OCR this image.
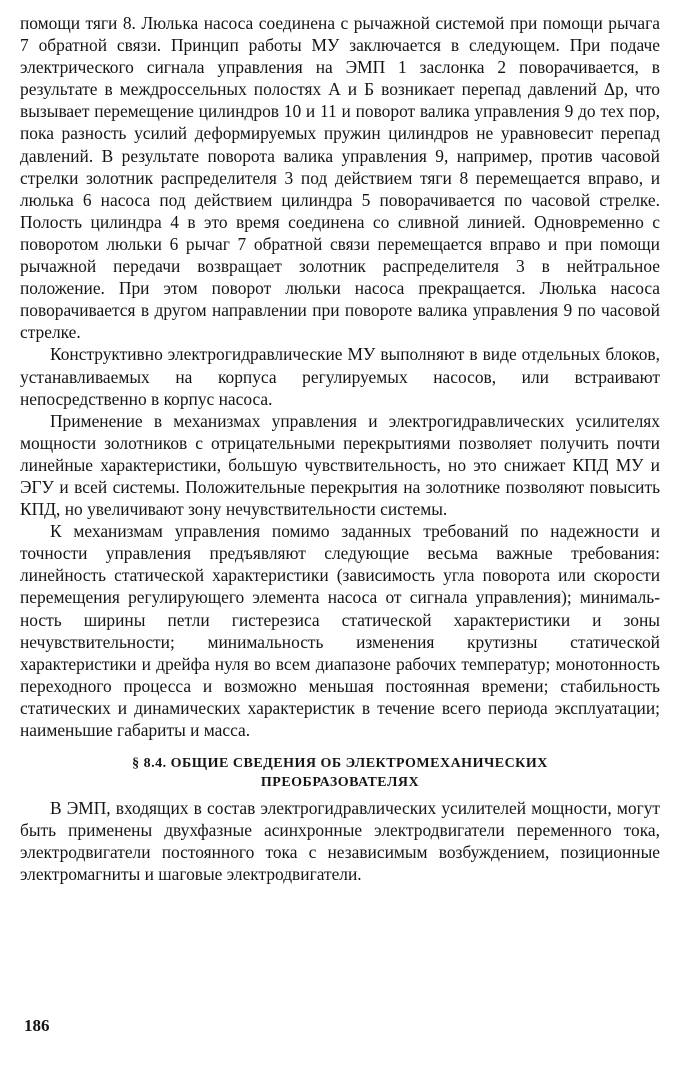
помощи тяги 8. Люлька насоса соединена с рычажной системой при помощи рычага 7 обратной связи. Принцип работы МУ заключается в следующем. При подаче электрического сигнала управления на ЭМП 1 заслонка 2 поворачивается, в результате в междроссельных полостях А и Б возникает перепад давлений Δp, что вызывает перемещение цилиндров 10 и 11 и поворот валика управления 9 до тех пор, пока разность усилий деформируемых пружин цилиндров не уравновесит перепад давлений. В результате поворота валика управления 9, например, против часовой стрелки золотник распределителя 3 под действием тяги 8 перемещается вправо, и люлька 6 насоса под действием цилиндра 5 поворачивается по часовой стрелке. Полость цилиндра 4 в это время соединена со сливной линией. Одновременно с поворотом люльки 6 рычаг 7 обратной связи перемещается вправо и при помощи рычажной передачи возвращает золотник распределителя 3 в нейтральное положение. При этом поворот люльки насоса прекращается. Люлька насоса поворачивается в другом направлении при повороте валика управления 9 по часовой стрелке.

Конструктивно электрогидравлические МУ выполняют в виде отдельных блоков, устанавливаемых на корпуса регулируемых насосов, или встраивают непосредственно в корпус насоса.

Применение в механизмах управления и электрогидравлических усилителях мощности золотников с отрицательными перекрытиями позволяет получить почти линейные характеристики, большую чувствительность, но это снижает КПД МУ и ЭГУ и всей системы. Положительные перекрытия на золотнике позволяют повысить КПД, но увеличивают зону нечувствительности системы.

К механизмам управления помимо заданных требований по надежности и точности управления предъявляют следующие весьма важные требования: линейность статической характеристики (зависимость угла поворота или скорости перемещения регулирующего элемента насоса от сигнала управления); минимальность ширины петли гистерезиса статической характеристики и зоны нечувствительности; минимальность изменения крутизны статической характеристики и дрейфа нуля во всем диапазоне рабочих температур; монотонность переходного процесса и возможно меньшая постоянная времени; стабильность статических и динамических характеристик в течение всего периода эксплуатации; наименьшие габариты и масса.

§ 8.4. ОБЩИЕ СВЕДЕНИЯ ОБ ЭЛЕКТРОМЕХАНИЧЕСКИХ
ПРЕОБРАЗОВАТЕЛЯХ

В ЭМП, входящих в состав электрогидравлических усилителей мощности, могут быть применены двухфазные асинхронные электродвигатели переменного тока, электродвигатели постоянного тока с независимым возбуждением, позиционные электромагниты и шаговые электродвигатели.

186
